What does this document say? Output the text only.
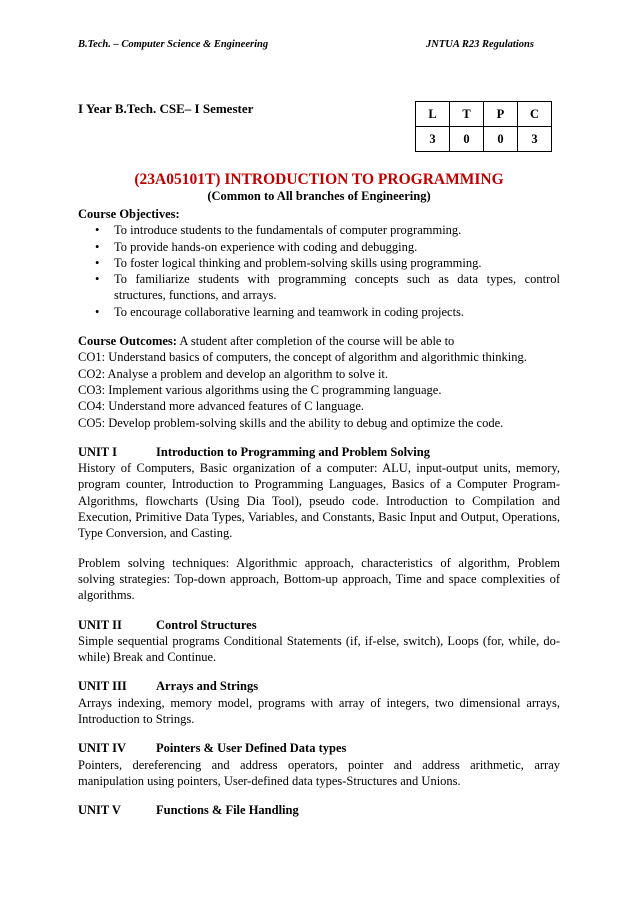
B.Tech. – Computer Science & Engineering	JNTUA R23 Regulations
I Year B.Tech. CSE– I Semester	L	T	P	C
3	0	0	3
(23A05101T) INTRODUCTION TO PROGRAMMING
(Common to All branches of Engineering)

Course Objectives:

• To introduce students to the fundamentals of computer programming.
• To provide hands-on experience with coding and debugging.
• To foster logical thinking and problem-solving skills using programming.
• To familiarize students with programming concepts such as data types, control structures, functions, and arrays.
• To encourage collaborative learning and teamwork in coding projects.

Course Outcomes: A student after completion of the course will be able to

CO1: Understand basics of computers, the concept of algorithm and algorithmic thinking.

CO2: Analyse a problem and develop an algorithm to solve it.

CO3: Implement various algorithms using the C programming language.

CO4: Understand more advanced features of C language.

CO5: Develop problem-solving skills and the ability to debug and optimize the code.

UNIT I	Introduction to Programming and Problem Solving

History of Computers, Basic organization of a computer: ALU, input-output units, memory, program counter, Introduction to Programming Languages, Basics of a Computer Program- Algorithms, flowcharts (Using Dia Tool), pseudo code. Introduction to Compilation and Execution, Primitive Data Types, Variables, and Constants, Basic Input and Output, Operations, Type Conversion, and Casting.

Problem solving techniques: Algorithmic approach, characteristics of algorithm, Problem solving strategies: Top-down approach, Bottom-up approach, Time and space complexities of algorithms.

UNIT II	Control Structures

Simple sequential programs Conditional Statements (if, if-else, switch), Loops (for, while, do-while) Break and Continue.

UNIT III Arrays and Strings

Arrays indexing, memory model, programs with array of integers, two dimensional arrays, Introduction to Strings.

UNIT IV Pointers & User Defined Data types

Pointers, dereferencing and address operators, pointer and address arithmetic, array manipulation using pointers, User-defined data types-Structures and Unions.

UNIT V	Functions & File Handling
